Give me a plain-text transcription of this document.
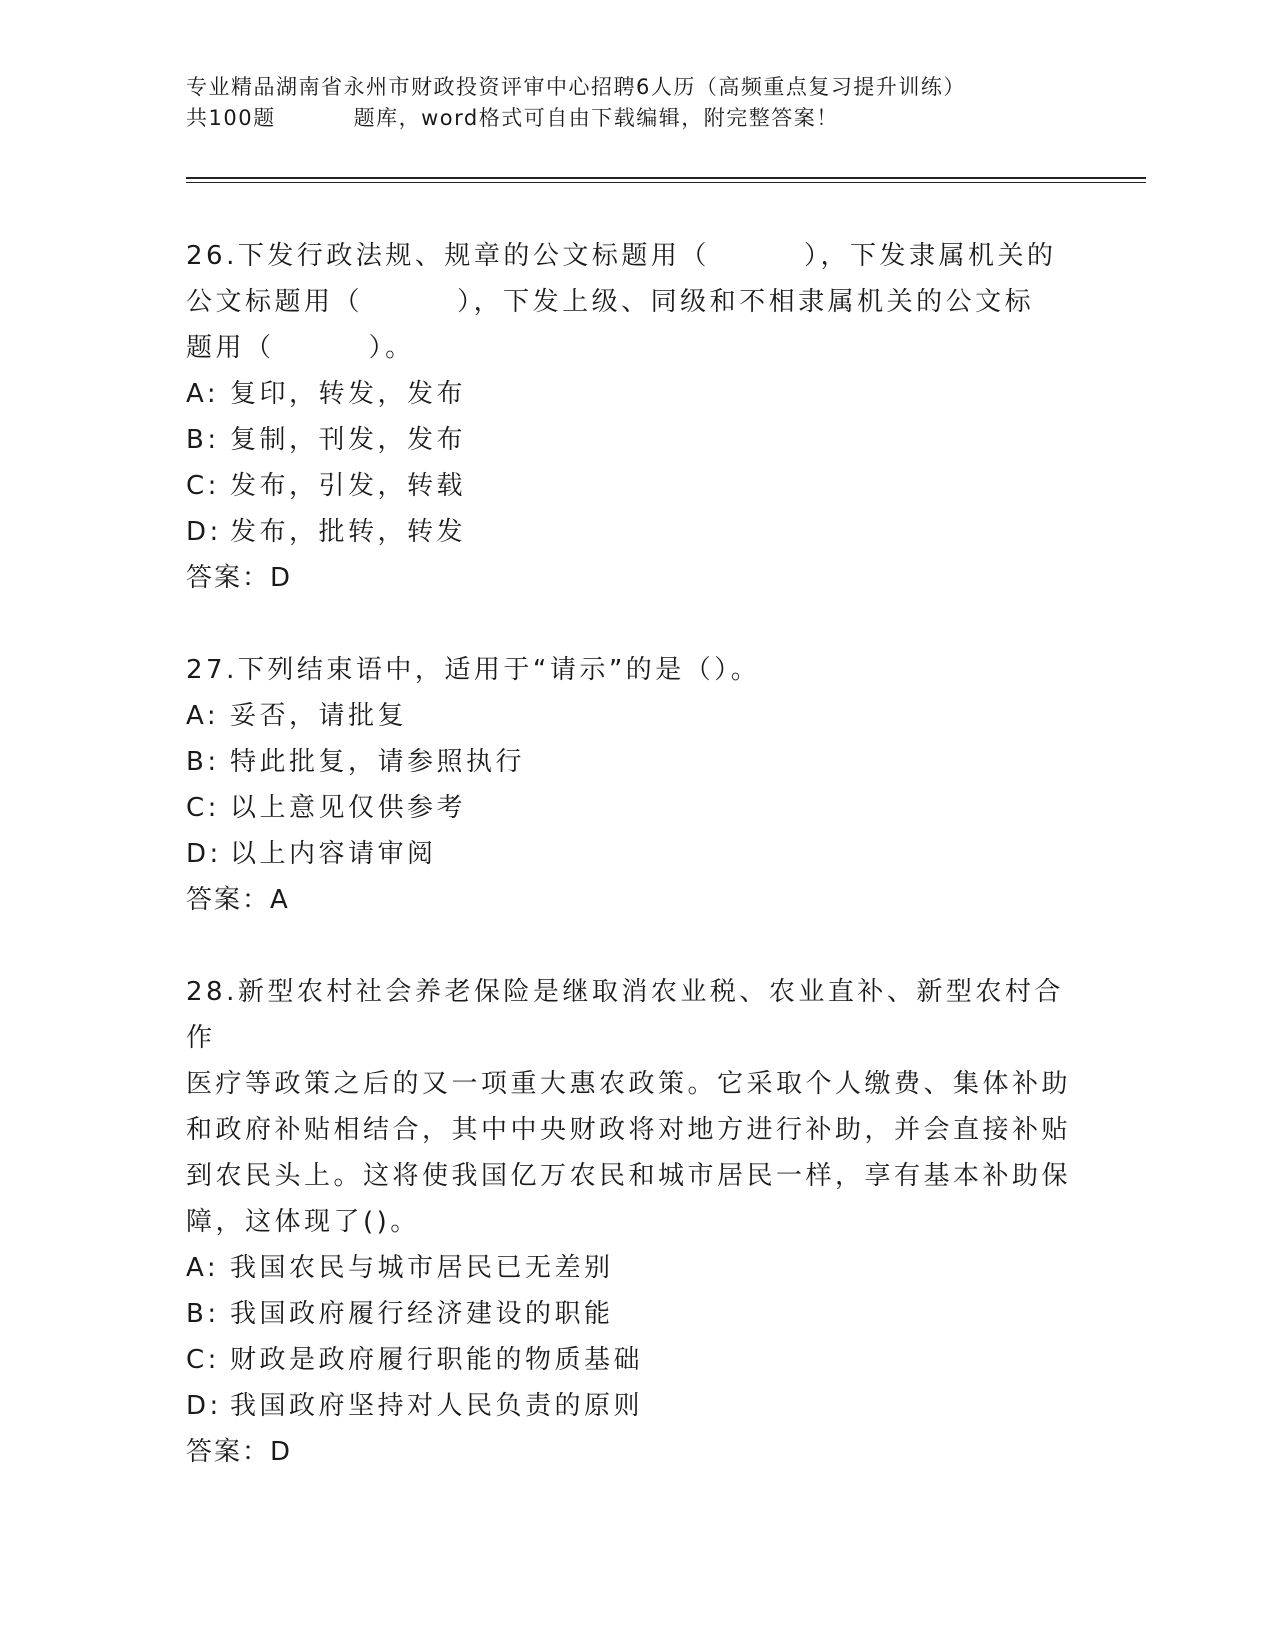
专业精品湖南省永州市财政投资评审中心招聘6人历（高频重点复习提升训练）
共100题	题库，word格式可自由下载编辑，附完整答案！
26.下发行政法规、规章的公文标题用（        ），下发隶属机关的
公文标题用（        ），下发上级、同级和不相隶属机关的公文标
题用（        ）。
A: 复印，转发，发布
B: 复制，刊发，发布
C: 发布，引发，转载
D: 发布，批转，转发
答案： D
27.下列结束语中，适用于“请示”的是（）。
A: 妥否，请批复
B: 特此批复，请参照执行
C: 以上意见仅供参考
D: 以上内容请审阅
答案： A
28.新型农村社会养老保险是继取消农业税、农业直补、新型农村合作
医疗等政策之后的又一项重大惠农政策。它采取个人缴费、集体补助
和政府补贴相结合，其中中央财政将对地方进行补助，并会直接补贴
到农民头上。这将使我国亿万农民和城市居民一样，享有基本补助保
障，这体现了()。
A: 我国农民与城市居民已无差别
B: 我国政府履行经济建设的职能
C: 财政是政府履行职能的物质基础
D: 我国政府坚持对人民负责的原则
答案： D
